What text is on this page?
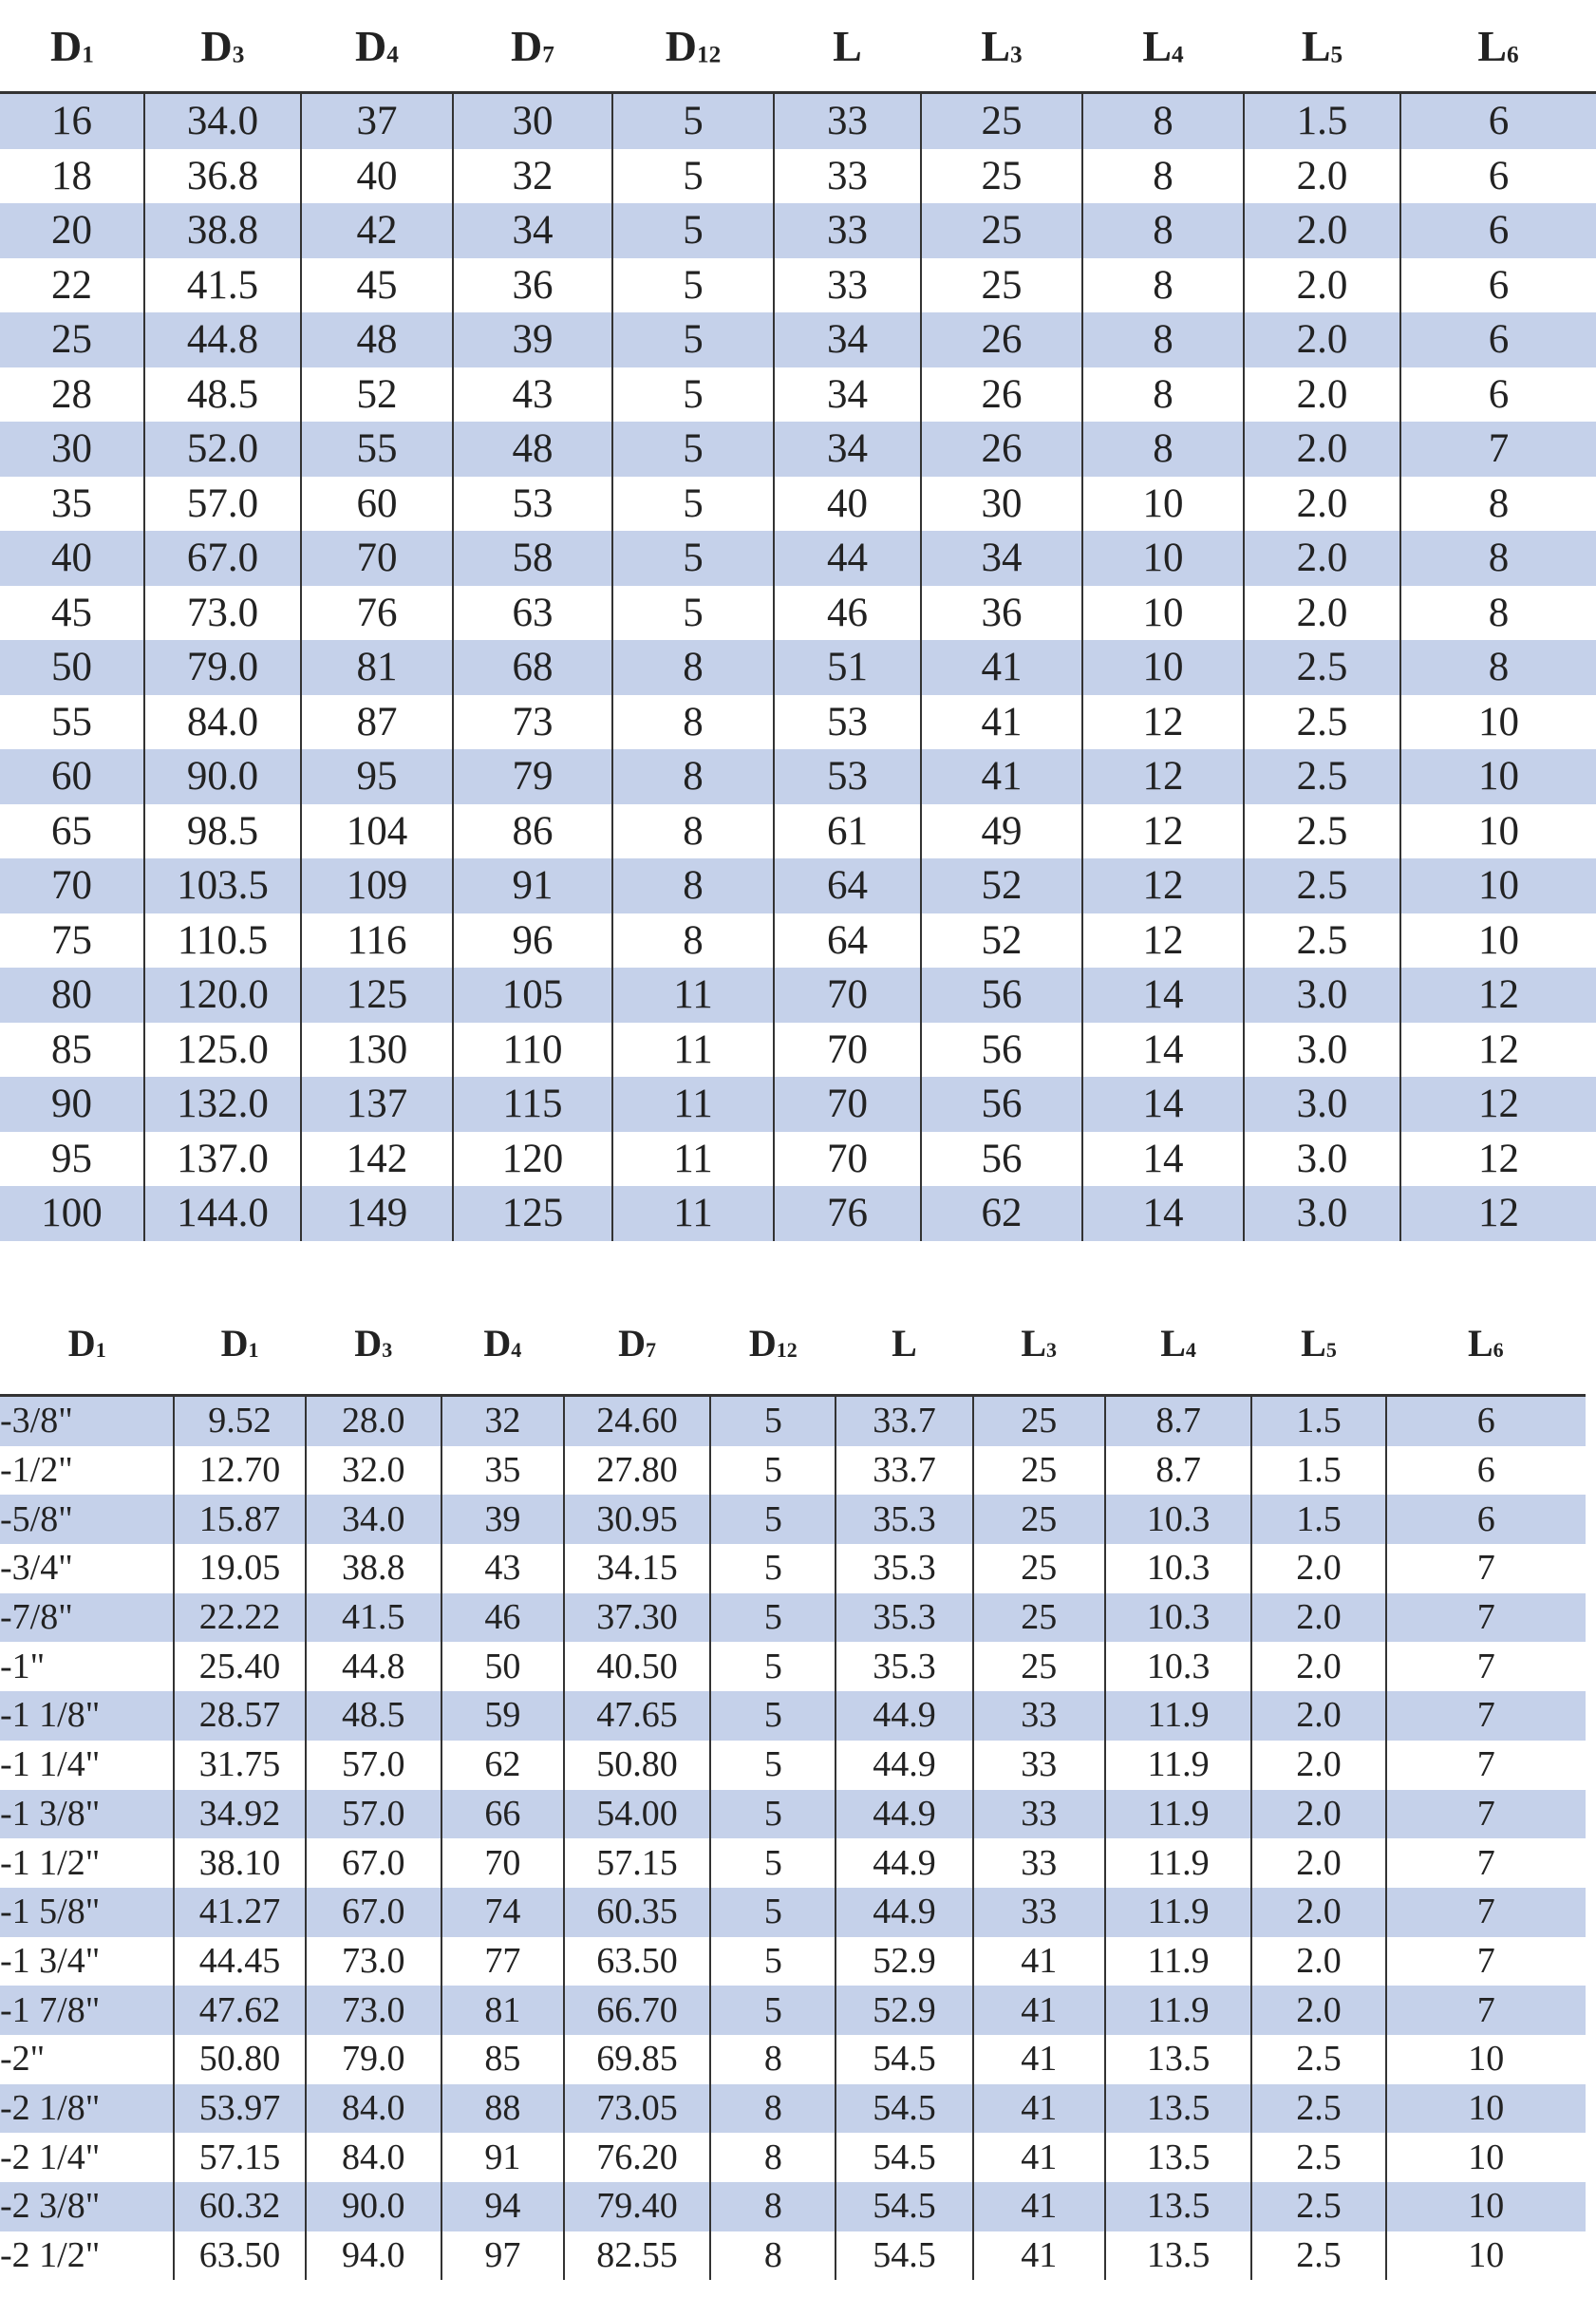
$D_1$	$D_3$	$D_4$	$D_7$	$D_{12}$	L	$L_3$	$L_4$	$L_5$	$L_6$
16	34.0	37	30	5	33	25	8	1.5	6
18	36.8	40	32	5	33	25	8	2.0	6
20	38.8	42	34	5	33	25	8	2.0	6
22	41.5	45	36	5	33	25	8	2.0	6
25	44.8	48	39	5	34	26	8	2.0	6
28	48.5	52	43	5	34	26	8	2.0	6
30	52.0	55	48	5	34	26	8	2.0	7
35	57.0	60	53	5	40	30	10	2.0	8
40	67.0	70	58	5	44	34	10	2.0	8
45	73.0	76	63	5	46	36	10	2.0	8
50	79.0	81	68	8	51	41	10	2.5	8
55	84.0	87	73	8	53	41	12	2.5	10
60	90.0	95	79	8	53	41	12	2.5	10
65	98.5	104	86	8	61	49	12	2.5	10
70	103.5	109	91	8	64	52	12	2.5	10
75	110.5	116	96	8	64	52	12	2.5	10
80	120.0	125	105	11	70	56	14	3.0	12
85	125.0	130	110	11	70	56	14	3.0	12
90	132.0	137	115	11	70	56	14	3.0	12
95	137.0	142	120	11	70	56	14	3.0	12
100	144.0	149	125	11	76	62	14	3.0	12
$D_1$	$D_1$	$D_3$	$D_4$	$D_7$	$D_{12}$	L	$L_3$	$L_4$	$L_5$	$L_6$
-3/8"	9.52	28.0	32	24.60	5	33.7	25	8.7	1.5	6
-1/2"	12.70	32.0	35	27.80	5	33.7	25	8.7	1.5	6
-5/8"	15.87	34.0	39	30.95	5	35.3	25	10.3	1.5	6
-3/4"	19.05	38.8	43	34.15	5	35.3	25	10.3	2.0	7
-7/8"	22.22	41.5	46	37.30	5	35.3	25	10.3	2.0	7
-1"	25.40	44.8	50	40.50	5	35.3	25	10.3	2.0	7
-1 1/8"	28.57	48.5	59	47.65	5	44.9	33	11.9	2.0	7
-1 1/4"	31.75	57.0	62	50.80	5	44.9	33	11.9	2.0	7
-1 3/8"	34.92	57.0	66	54.00	5	44.9	33	11.9	2.0	7
-1 1/2"	38.10	67.0	70	57.15	5	44.9	33	11.9	2.0	7
-1 5/8"	41.27	67.0	74	60.35	5	44.9	33	11.9	2.0	7
-1 3/4"	44.45	73.0	77	63.50	5	52.9	41	11.9	2.0	7
-1 7/8"	47.62	73.0	81	66.70	5	52.9	41	11.9	2.0	7
-2"	50.80	79.0	85	69.85	8	54.5	41	13.5	2.5	10
-2 1/8"	53.97	84.0	88	73.05	8	54.5	41	13.5	2.5	10
-2 1/4"	57.15	84.0	91	76.20	8	54.5	41	13.5	2.5	10
-2 3/8"	60.32	90.0	94	79.40	8	54.5	41	13.5	2.5	10
-2 1/2"	63.50	94.0	97	82.55	8	54.5	41	13.5	2.5	10
